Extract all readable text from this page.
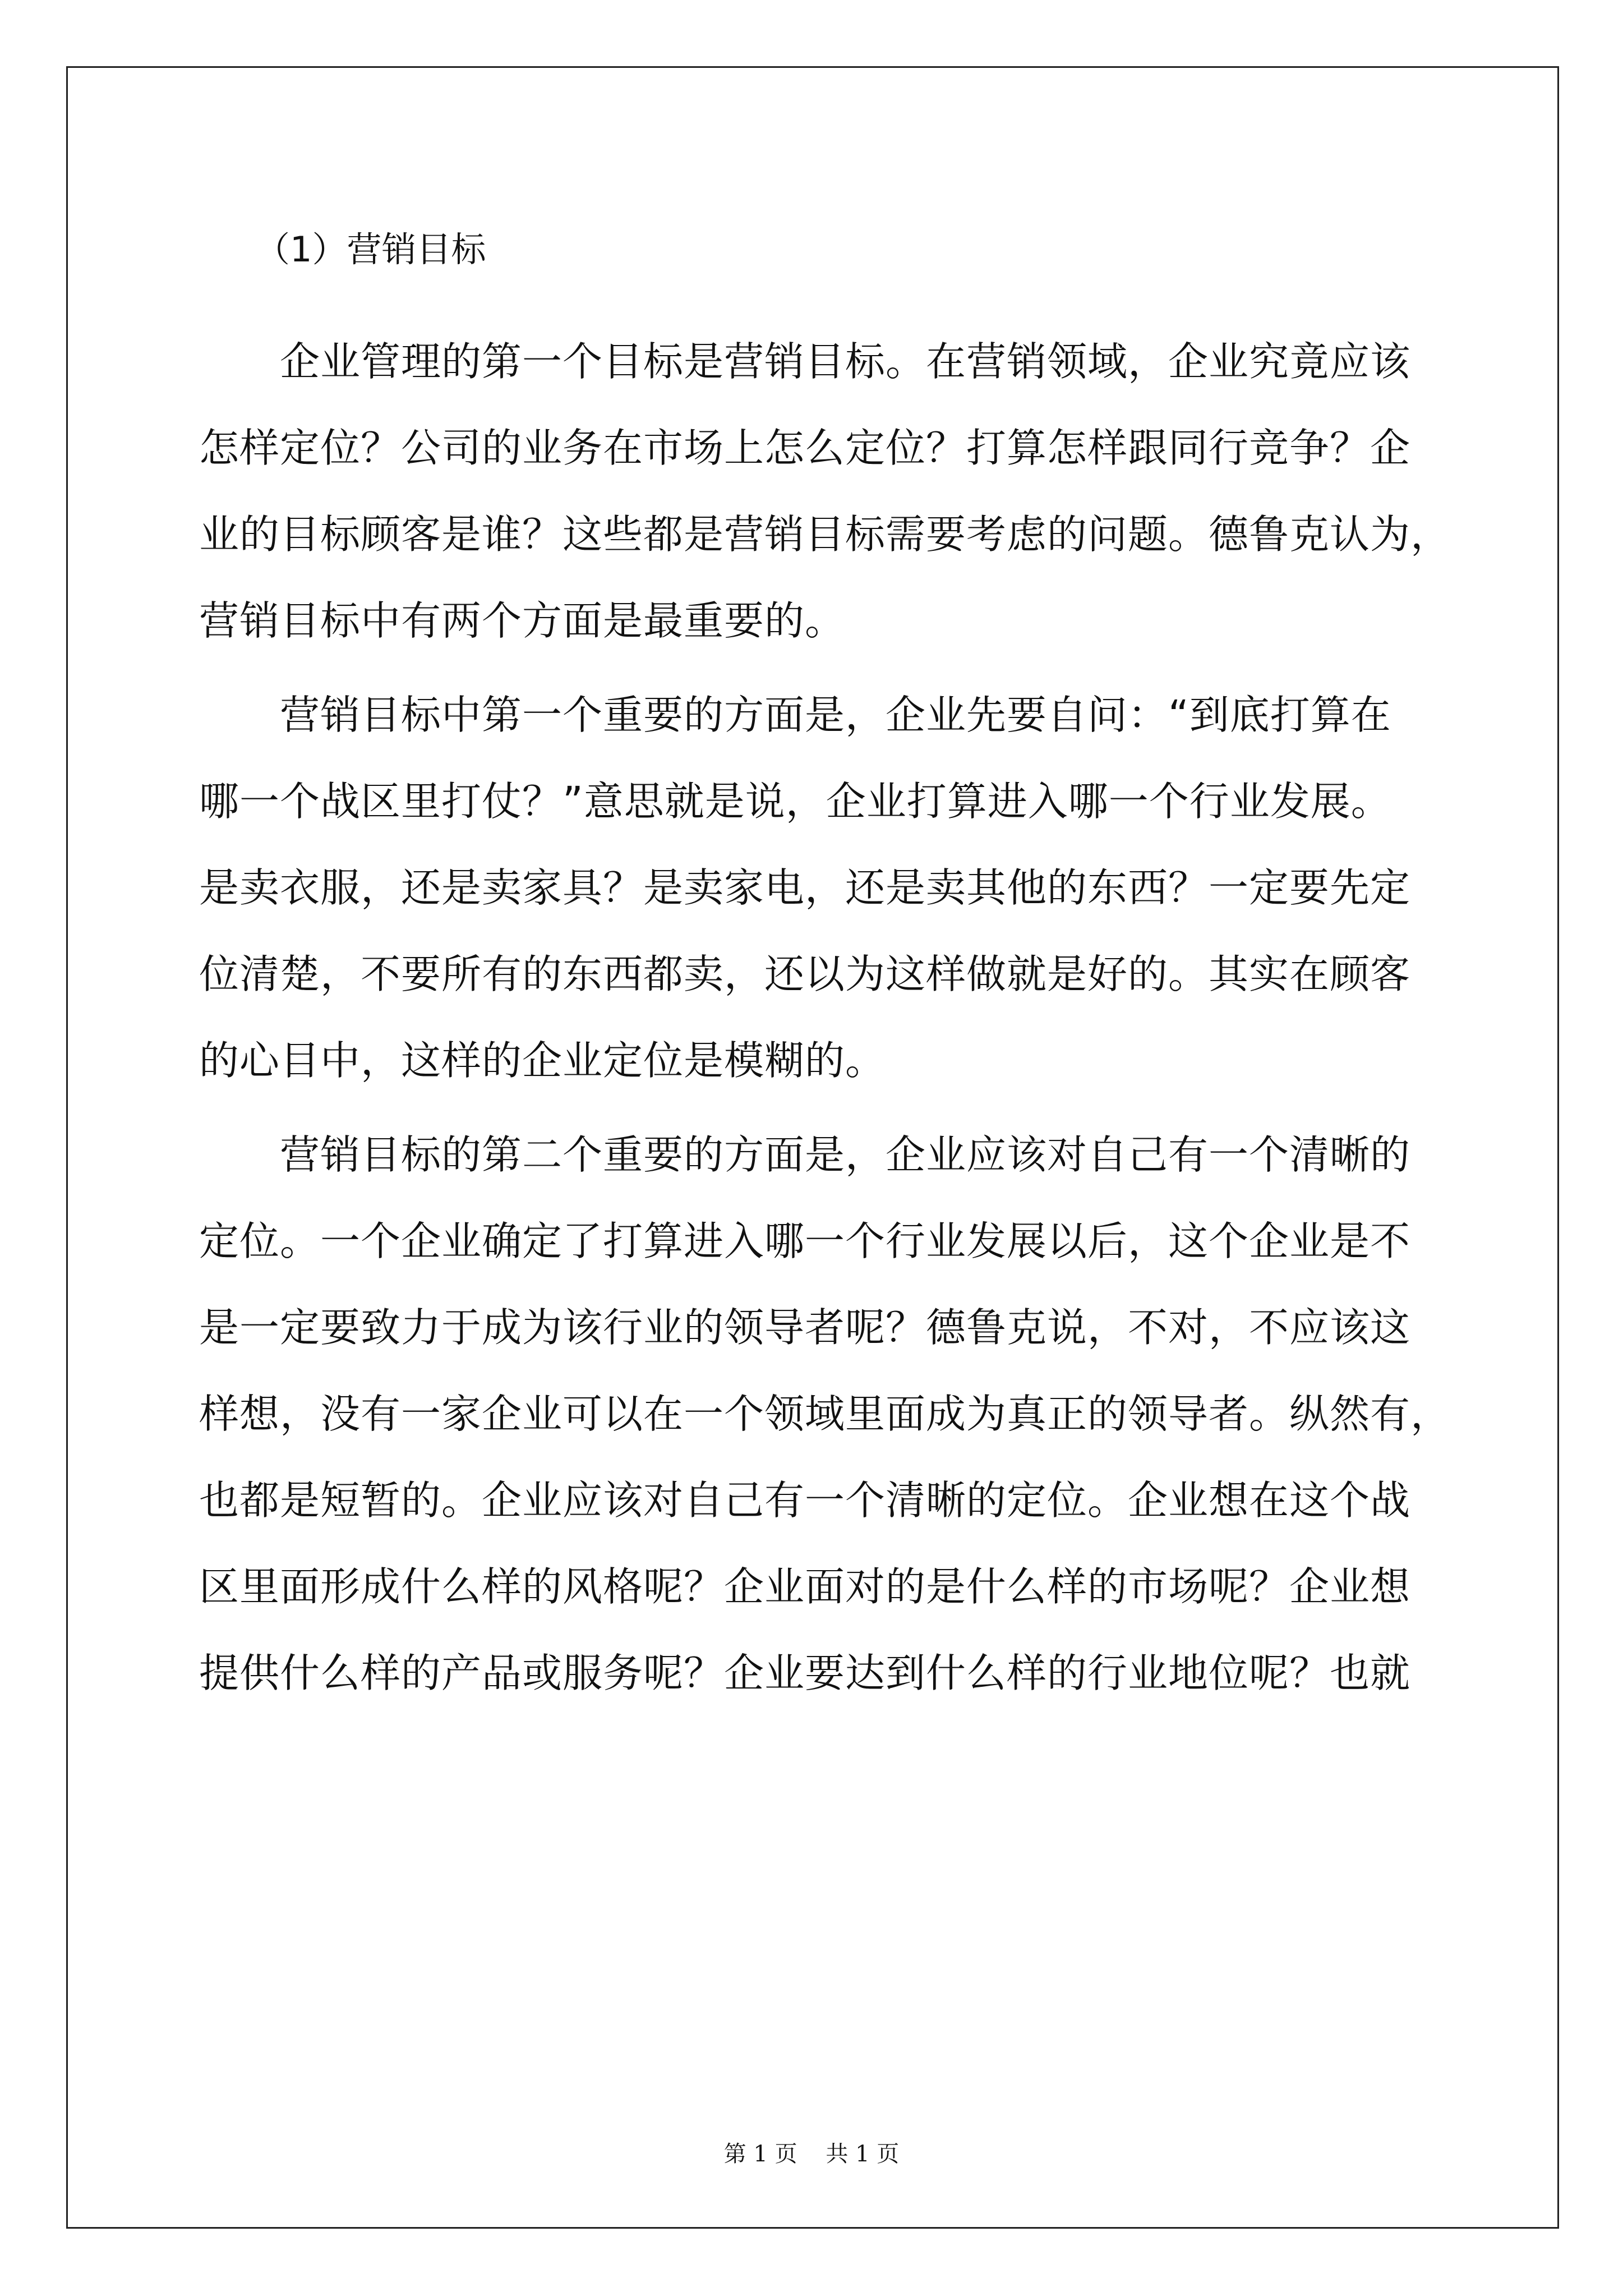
（1）营销目标
　　企业管理的第一个目标是营销目标。在营销领域，企业究竟应该
怎样定位？公司的业务在市场上怎么定位？打算怎样跟同行竞争？企
业的目标顾客是谁？这些都是营销目标需要考虑的问题。德鲁克认为，
营销目标中有两个方面是最重要的。
　　营销目标中第一个重要的方面是，企业先要自问：“到底打算在
哪一个战区里打仗？”意思就是说，企业打算进入哪一个行业发展。
是卖衣服，还是卖家具？是卖家电，还是卖其他的东西？一定要先定
位清楚，不要所有的东西都卖，还以为这样做就是好的。其实在顾客
的心目中，这样的企业定位是模糊的。
　　营销目标的第二个重要的方面是，企业应该对自己有一个清晰的
定位。一个企业确定了打算进入哪一个行业发展以后，这个企业是不
是一定要致力于成为该行业的领导者呢？德鲁克说，不对，不应该这
样想，没有一家企业可以在一个领域里面成为真正的领导者。纵然有，
也都是短暂的。企业应该对自己有一个清晰的定位。企业想在这个战
区里面形成什么样的风格呢？企业面对的是什么样的市场呢？企业想
提供什么样的产品或服务呢？企业要达到什么样的行业地位呢？也就
第 1 页    共 1 页
